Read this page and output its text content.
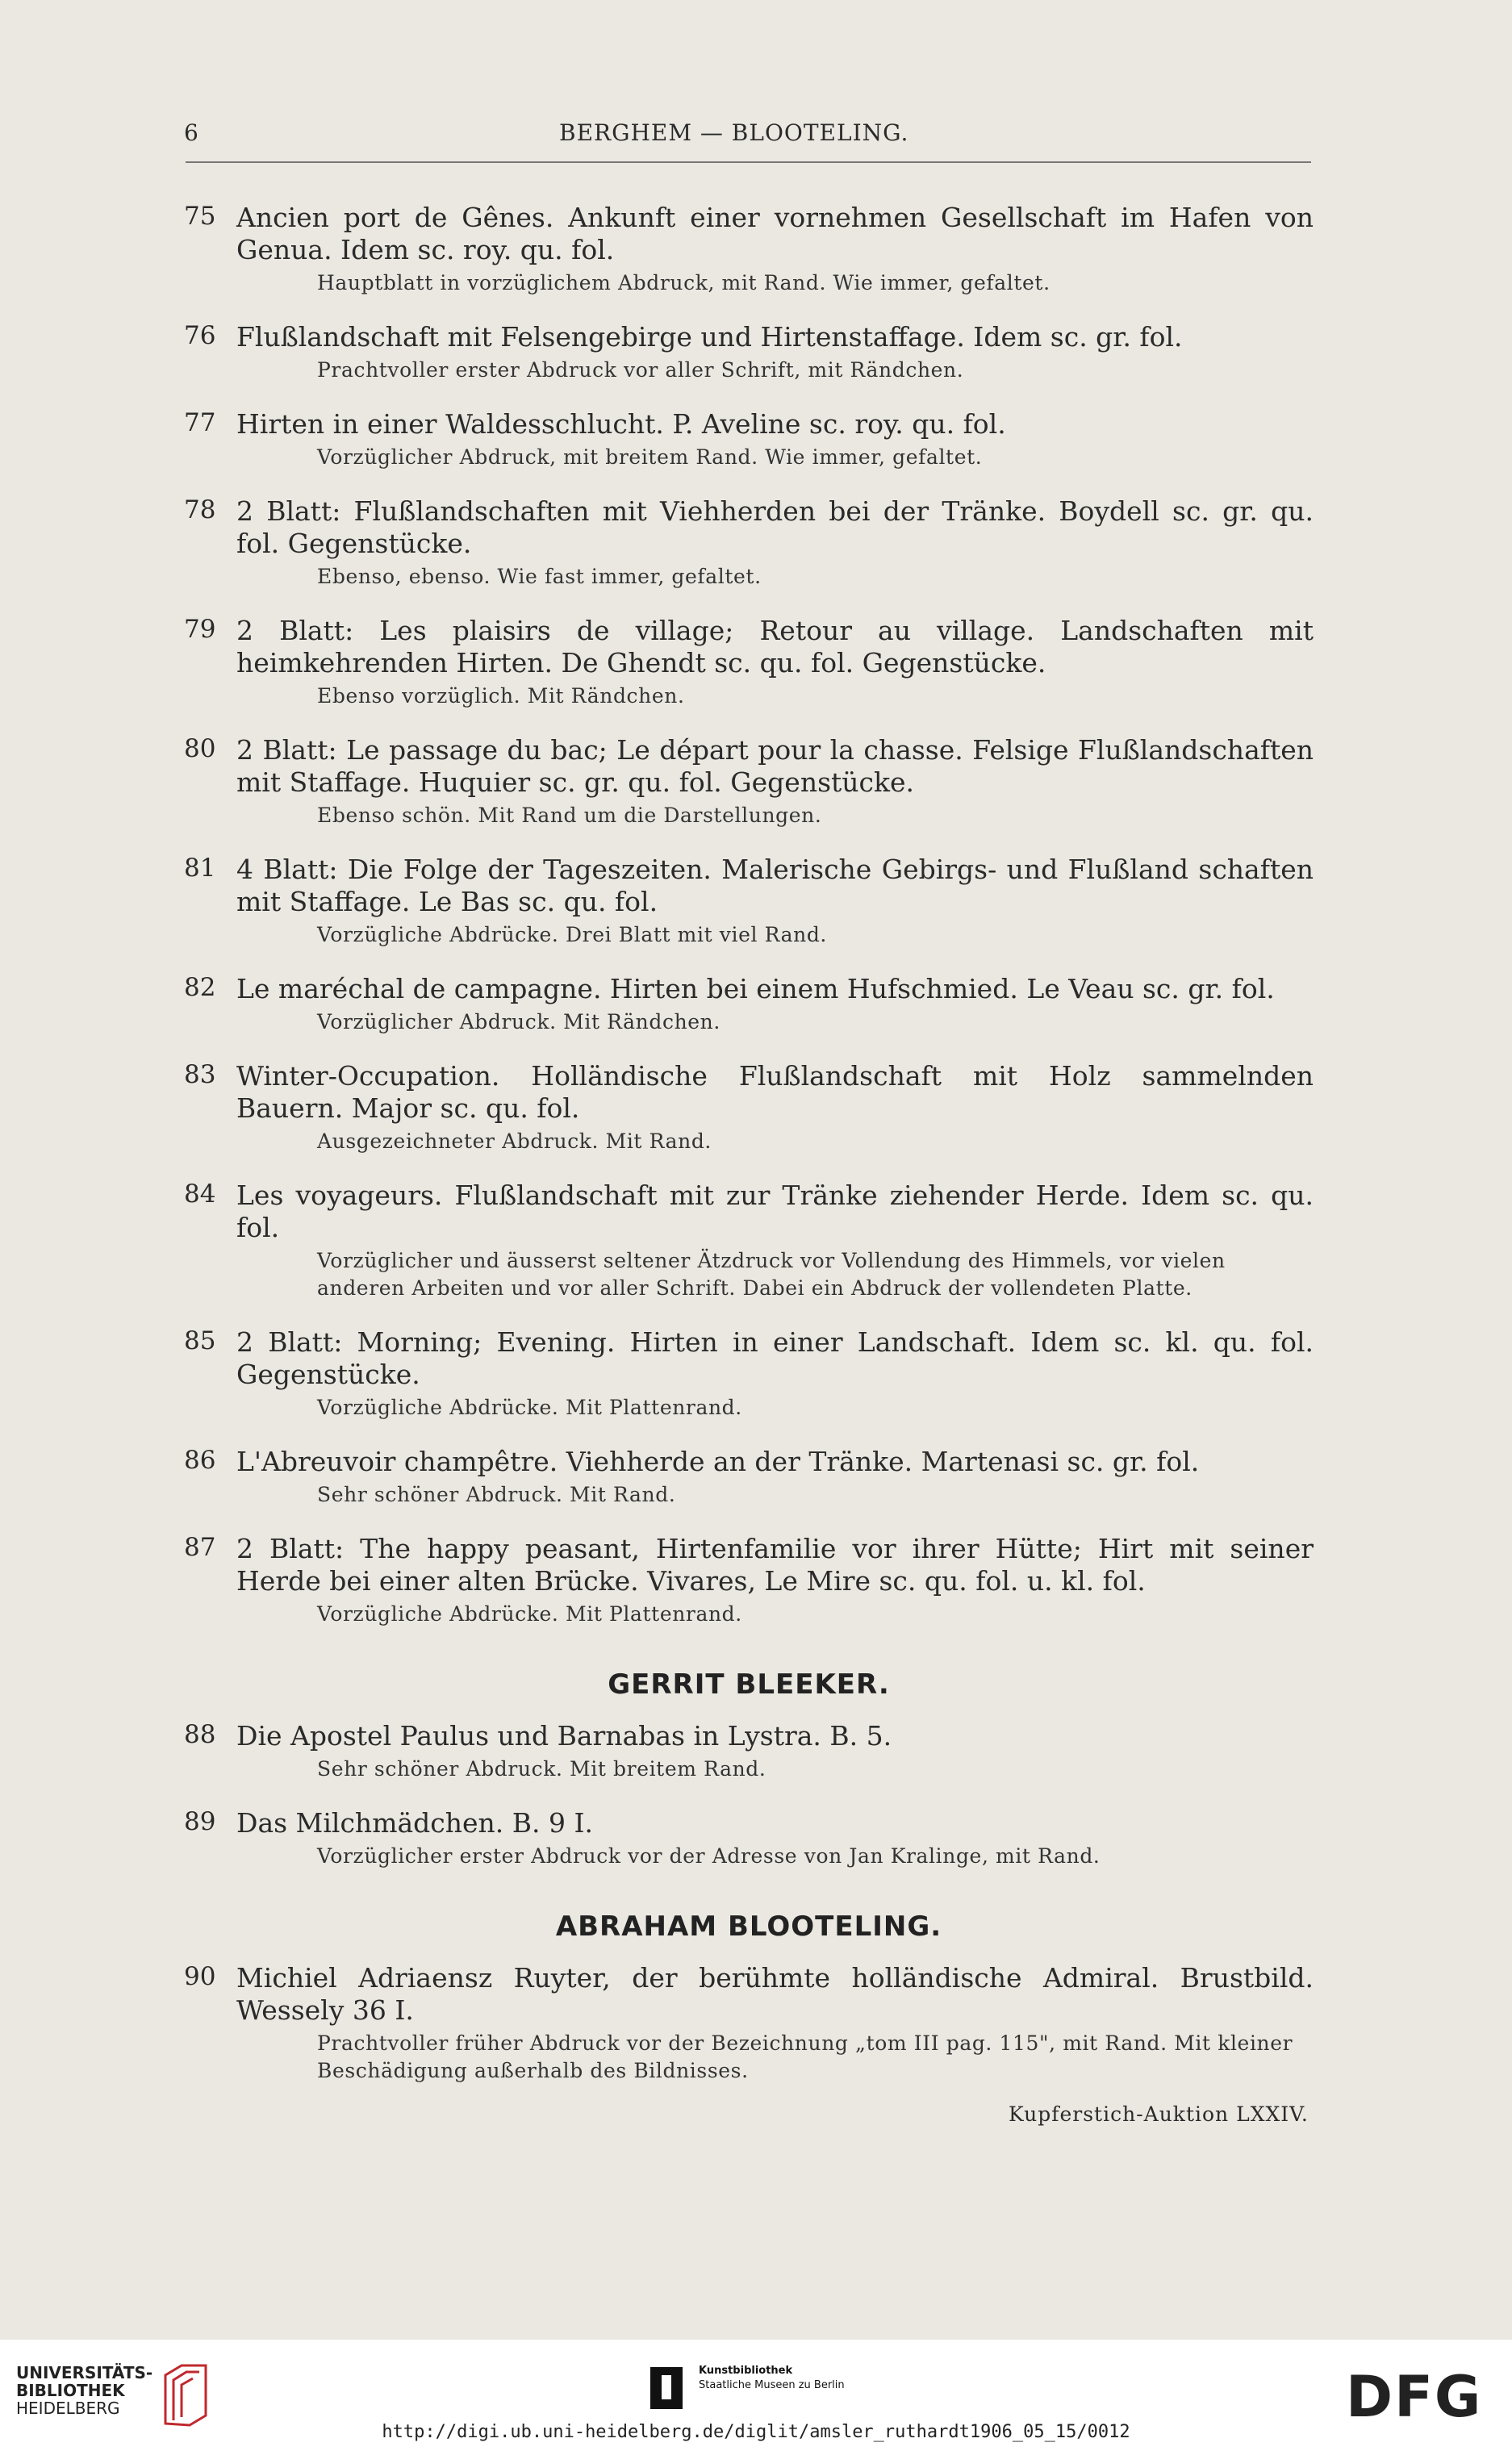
6	BERGHEM — BLOOTELING.
75 Ancien port de Gênes. Ankunft einer vornehmen Gesellschaft im Hafen von Genua. Idem sc. roy. qu. fol.
Hauptblatt in vorzüglichem Abdruck, mit Rand. Wie immer, gefaltet.
76 Flußlandschaft mit Felsengebirge und Hirtenstaffage. Idem sc. gr. fol.
Prachtvoller erster Abdruck vor aller Schrift, mit Rändchen.
77 Hirten in einer Waldesschlucht. P. Aveline sc. roy. qu. fol.
Vorzüglicher Abdruck, mit breitem Rand. Wie immer, gefaltet.
78 2 Blatt: Flußlandschaften mit Viehherden bei der Tränke. Boydell sc. gr. qu. fol. Gegenstücke.
Ebenso, ebenso. Wie fast immer, gefaltet.
79 2 Blatt: Les plaisirs de village; Retour au village. Landschaften mit heimkehrenden Hirten. De Ghendt sc. qu. fol. Gegenstücke.
Ebenso vorzüglich. Mit Rändchen.
80 2 Blatt: Le passage du bac; Le départ pour la chasse. Felsige Flußlandschaften mit Staffage. Huquier sc. gr. qu. fol. Gegenstücke.
Ebenso schön. Mit Rand um die Darstellungen.
81 4 Blatt: Die Folge der Tageszeiten. Malerische Gebirgs- und Flußland schaften mit Staffage. Le Bas sc. qu. fol.
Vorzügliche Abdrücke. Drei Blatt mit viel Rand.
82 Le maréchal de campagne. Hirten bei einem Hufschmied. Le Veau sc. gr. fol.
Vorzüglicher Abdruck. Mit Rändchen.
83 Winter-Occupation. Holländische Flußlandschaft mit Holz sammelnden Bauern. Major sc. qu. fol.
Ausgezeichneter Abdruck. Mit Rand.
84 Les voyageurs. Flußlandschaft mit zur Tränke ziehender Herde. Idem sc. qu. fol.
Vorzüglicher und äusserst seltener Ätzdruck vor Vollendung des Himmels, vor vielen anderen Arbeiten und vor aller Schrift. Dabei ein Abdruck der vollendeten Platte.
85 2 Blatt: Morning; Evening. Hirten in einer Landschaft. Idem sc. kl. qu. fol. Gegenstücke.
Vorzügliche Abdrücke. Mit Plattenrand.
86 L'Abreuvoir champêtre. Viehherde an der Tränke. Martenasi sc. gr. fol.
Sehr schöner Abdruck. Mit Rand.
87 2 Blatt: The happy peasant, Hirtenfamilie vor ihrer Hütte; Hirt mit seiner Herde bei einer alten Brücke. Vivares, Le Mire sc. qu. fol. u. kl. fol.
Vorzügliche Abdrücke. Mit Plattenrand.
GERRIT BLEEKER.
88 Die Apostel Paulus und Barnabas in Lystra. B. 5.
Sehr schöner Abdruck. Mit breitem Rand.
89 Das Milchmädchen. B. 9 I.
Vorzüglicher erster Abdruck vor der Adresse von Jan Kralinge, mit Rand.
ABRAHAM BLOOTELING.
90 Michiel Adriaensz Ruyter, der berühmte holländische Admiral. Brustbild. Wessely 36 I.
Prachtvoller früher Abdruck vor der Bezeichnung „tom III pag. 115", mit Rand. Mit kleiner Beschädigung außerhalb des Bildnisses.
Kupferstich-Auktion LXXIV.
UNIVERSITÄTS-
BIBLIOTHEK
HEIDELBERG
Kunstbibliothek
Staatliche Museen zu Berlin	DFG
http://digi.ub.uni-heidelberg.de/diglit/amsler_ruthardt1906_05_15/0012
